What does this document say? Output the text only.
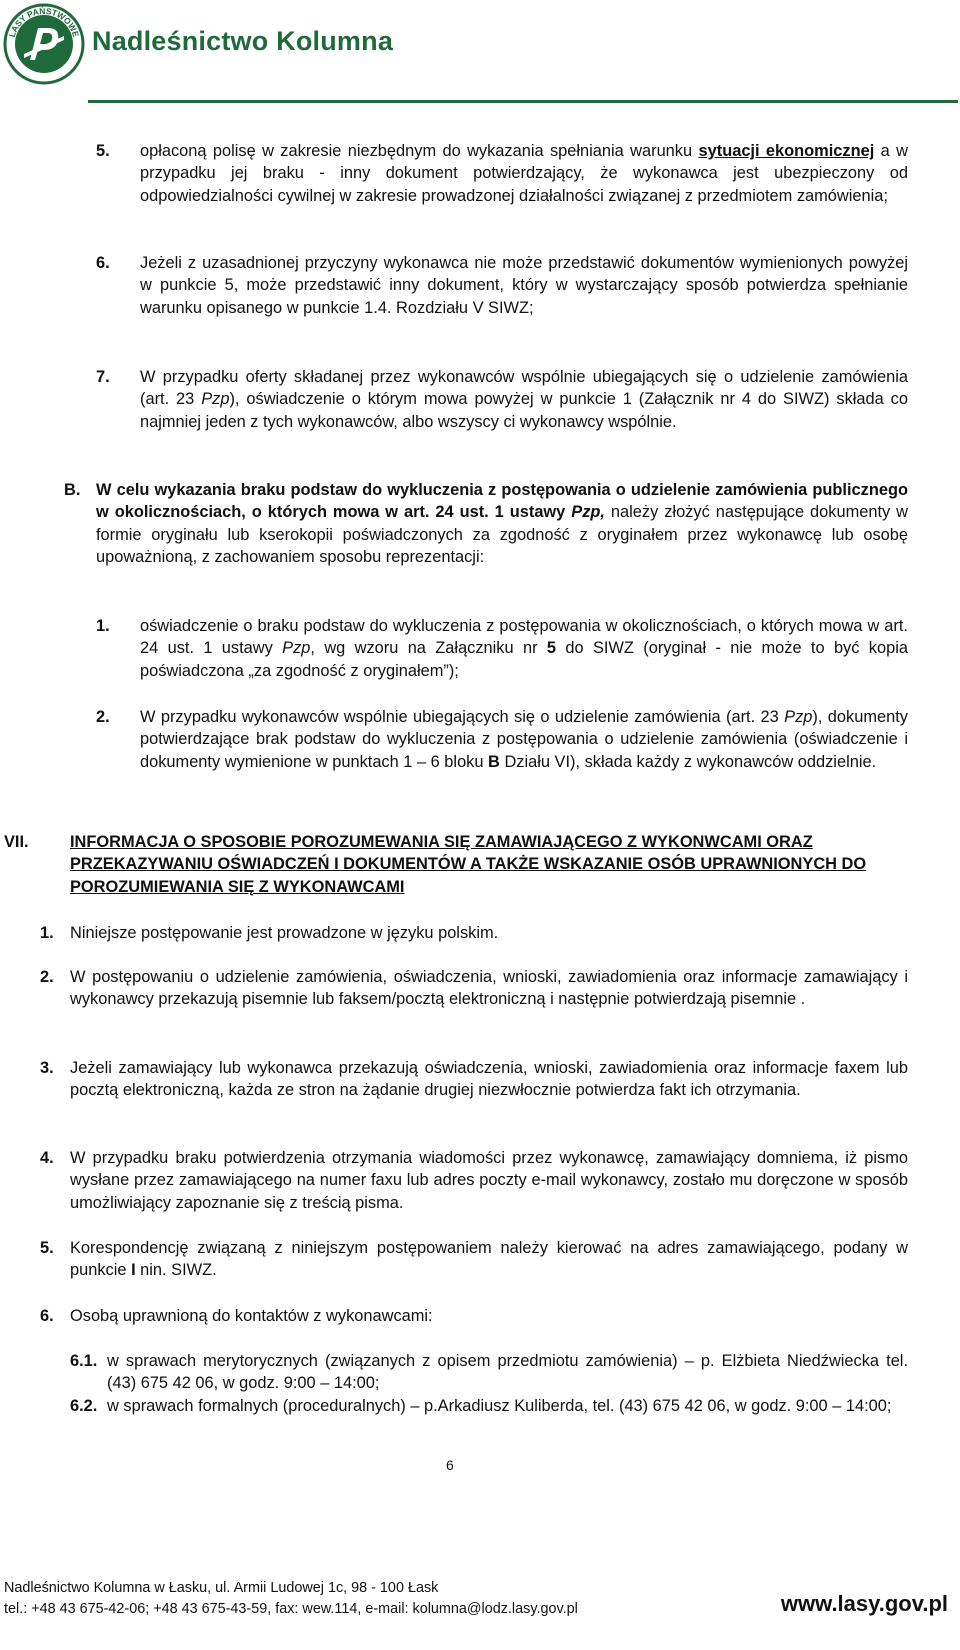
LASY PAŃSTWOWE Nadleśnictwo Kolumna
5. opłaconą polisę w zakresie niezbędnym do wykazania spełniania warunku sytuacji ekonomicznej a w przypadku jej braku - inny dokument potwierdzający, że wykonawca jest ubezpieczony od odpowiedzialności cywilnej w zakresie prowadzonej działalności związanej z przedmiotem zamówienia;

6. Jeżeli z uzasadnionej przyczyny wykonawca nie może przedstawić dokumentów wymienionych powyżej w punkcie 5, może przedstawić inny dokument, który w wystarczający sposób potwierdza spełnianie warunku opisanego w punkcie 1.4. Rozdziału V SIWZ;

7. W przypadku oferty składanej przez wykonawców wspólnie ubiegających się o udzielenie zamówienia (art. 23 Pzp), oświadczenie o którym mowa powyżej w punkcie 1 (Załącznik nr 4 do SIWZ) składa co najmniej jeden z tych wykonawców, albo wszyscy ci wykonawcy wspólnie.

B. W celu wykazania braku podstaw do wykluczenia z postępowania o udzielenie zamówienia publicznego w okolicznościach, o których mowa w art. 24 ust. 1 ustawy Pzp, należy złożyć następujące dokumenty w formie oryginału lub kserokopii poświadczonych za zgodność z oryginałem przez wykonawcę lub osobę upoważnioną, z zachowaniem sposobu reprezentacji:

1. oświadczenie o braku podstaw do wykluczenia z postępowania w okolicznościach, o których mowa w art. 24 ust. 1 ustawy Pzp, wg wzoru na Załączniku nr 5 do SIWZ (oryginał - nie może to być kopia poświadczona „za zgodność z oryginałem”);

2. W przypadku wykonawców wspólnie ubiegających się o udzielenie zamówienia (art. 23 Pzp), dokumenty potwierdzające brak podstaw do wykluczenia z postępowania o udzielenie zamówienia (oświadczenie i dokumenty wymienione w punktach 1 – 6 bloku B Działu VI), składa każdy z wykonawców oddzielnie.

VII.	INFORMACJA O SPOSOBIE POROZUMEWANIA SIĘ ZAMAWIAJĄCEGO Z WYKONWCAMI ORAZ PRZEKAZYWANIU OŚWIADCZEŃ I DOKUMENTÓW A TAKŻE WSKAZANIE OSÓB UPRAWNIONYCH DO POROZUMIEWANIA SIĘ Z WYKONAWCAMI

1. Niniejsze postępowanie jest prowadzone w języku polskim.

2. W postępowaniu o udzielenie zamówienia, oświadczenia, wnioski, zawiadomienia oraz informacje zamawiający i wykonawcy przekazują pisemnie lub faksem/pocztą elektroniczną i następnie potwierdzają pisemnie .

3. Jeżeli zamawiający lub wykonawca przekazują oświadczenia, wnioski, zawiadomienia oraz informacje faxem lub pocztą elektroniczną, każda ze stron na żądanie drugiej niezwłocznie potwierdza fakt ich otrzymania.

4. W przypadku braku potwierdzenia otrzymania wiadomości przez wykonawcę, zamawiający domniema, iż pismo wysłane przez zamawiającego na numer faxu lub adres poczty e-mail wykonawcy, zostało mu doręczone w sposób umożliwiający zapoznanie się z treścią pisma.

5. Korespondencję związaną z niniejszym postępowaniem należy kierować na adres zamawiającego, podany w punkcie I nin. SIWZ.

6. Osobą uprawnioną do kontaktów z wykonawcami:

6.1. w sprawach merytorycznych (związanych z opisem przedmiotu zamówienia) – p. Elżbieta Niedźwiecka tel. (43) 675 42 06, w godz. 9:00 – 14:00;

6.2. w sprawach formalnych (proceduralnych) – p.Arkadiusz Kuliberda, tel. (43) 675 42 06, w godz. 9:00 – 14:00;

6
Nadleśnictwo Kolumna w Łasku, ul. Armii Ludowej 1c, 98 - 100 Łask
tel.: +48 43 675-42-06; +48 43 675-43-59, fax: wew.114, e-mail: kolumna@lodz.lasy.gov.pl	www.lasy.gov.pl
